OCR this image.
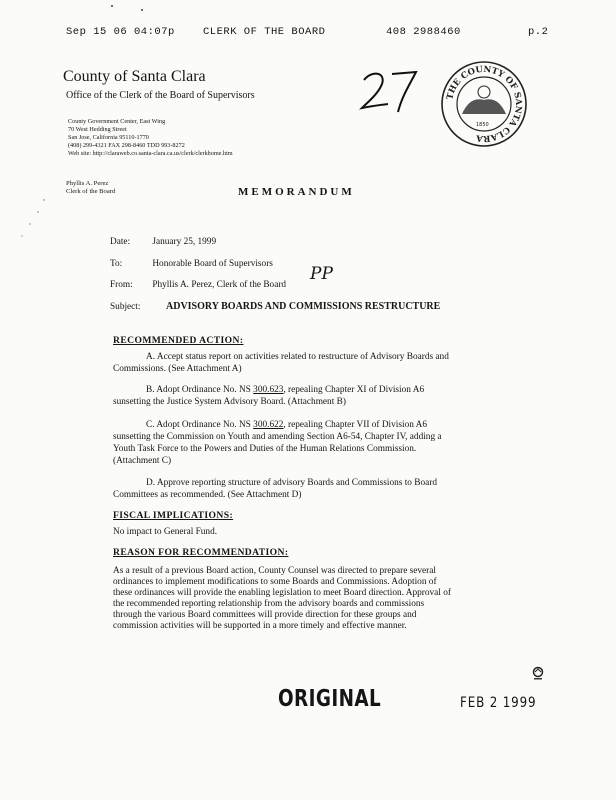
Sep 15 06 04:07p	CLERK OF THE BOARD	408 2988460	p.2
County of Santa Clara
Office of the Clerk of the Board of Supervisors
County Government Center, East Wing
70 West Hedding Street
San Jose, California 95110-1770
(408) 299-4321 FAX 298-8460 TDD 993-8272
Web site: http://claraweb.co.santa-clara.ca.us/clerk/clerkhome.htm
Phyllis A. Perez
Clerk of the Board
THE COUNTY OF SANTA CLARA
1850
MEMORANDUM
Date: January 25, 1999
To:	Honorable Board of Supervisors
From: Phyllis A. Perez, Clerk of the Board
PP
Subject:	ADVISORY BOARDS AND COMMISSIONS RESTRUCTURE
RECOMMENDED ACTION:
A. Accept status report on activities related to restructure of Advisory Boards and
Commissions. (See Attachment A)
B. Adopt Ordinance No. NS 300.623, repealing Chapter XI of Division A6
sunsetting the Justice System Advisory Board. (Attachment B)
C. Adopt Ordinance No. NS 300.622, repealing Chapter VII of Division A6
sunsetting the Commission on Youth and amending Section A6-54, Chapter IV, adding a
Youth Task Force to the Powers and Duties of the Human Relations Commission.
(Attachment C)
D. Approve reporting structure of advisory Boards and Commissions to Board
Committees as recommended. (See Attachment D)
FISCAL IMPLICATIONS:
No impact to General Fund.
REASON FOR RECOMMENDATION:
As a result of a previous Board action, County Counsel was directed to prepare several
ordinances to implement modifications to some Boards and Commissions. Adoption of
these ordinances will provide the enabling legislation to meet Board direction. Approval of
the recommended reporting relationship from the advisory boards and commissions
through the various Board committees will provide direction for these groups and
commission activities will be supported in a more timely and effective manner.
ORIGINAL	FEB 2 1999
